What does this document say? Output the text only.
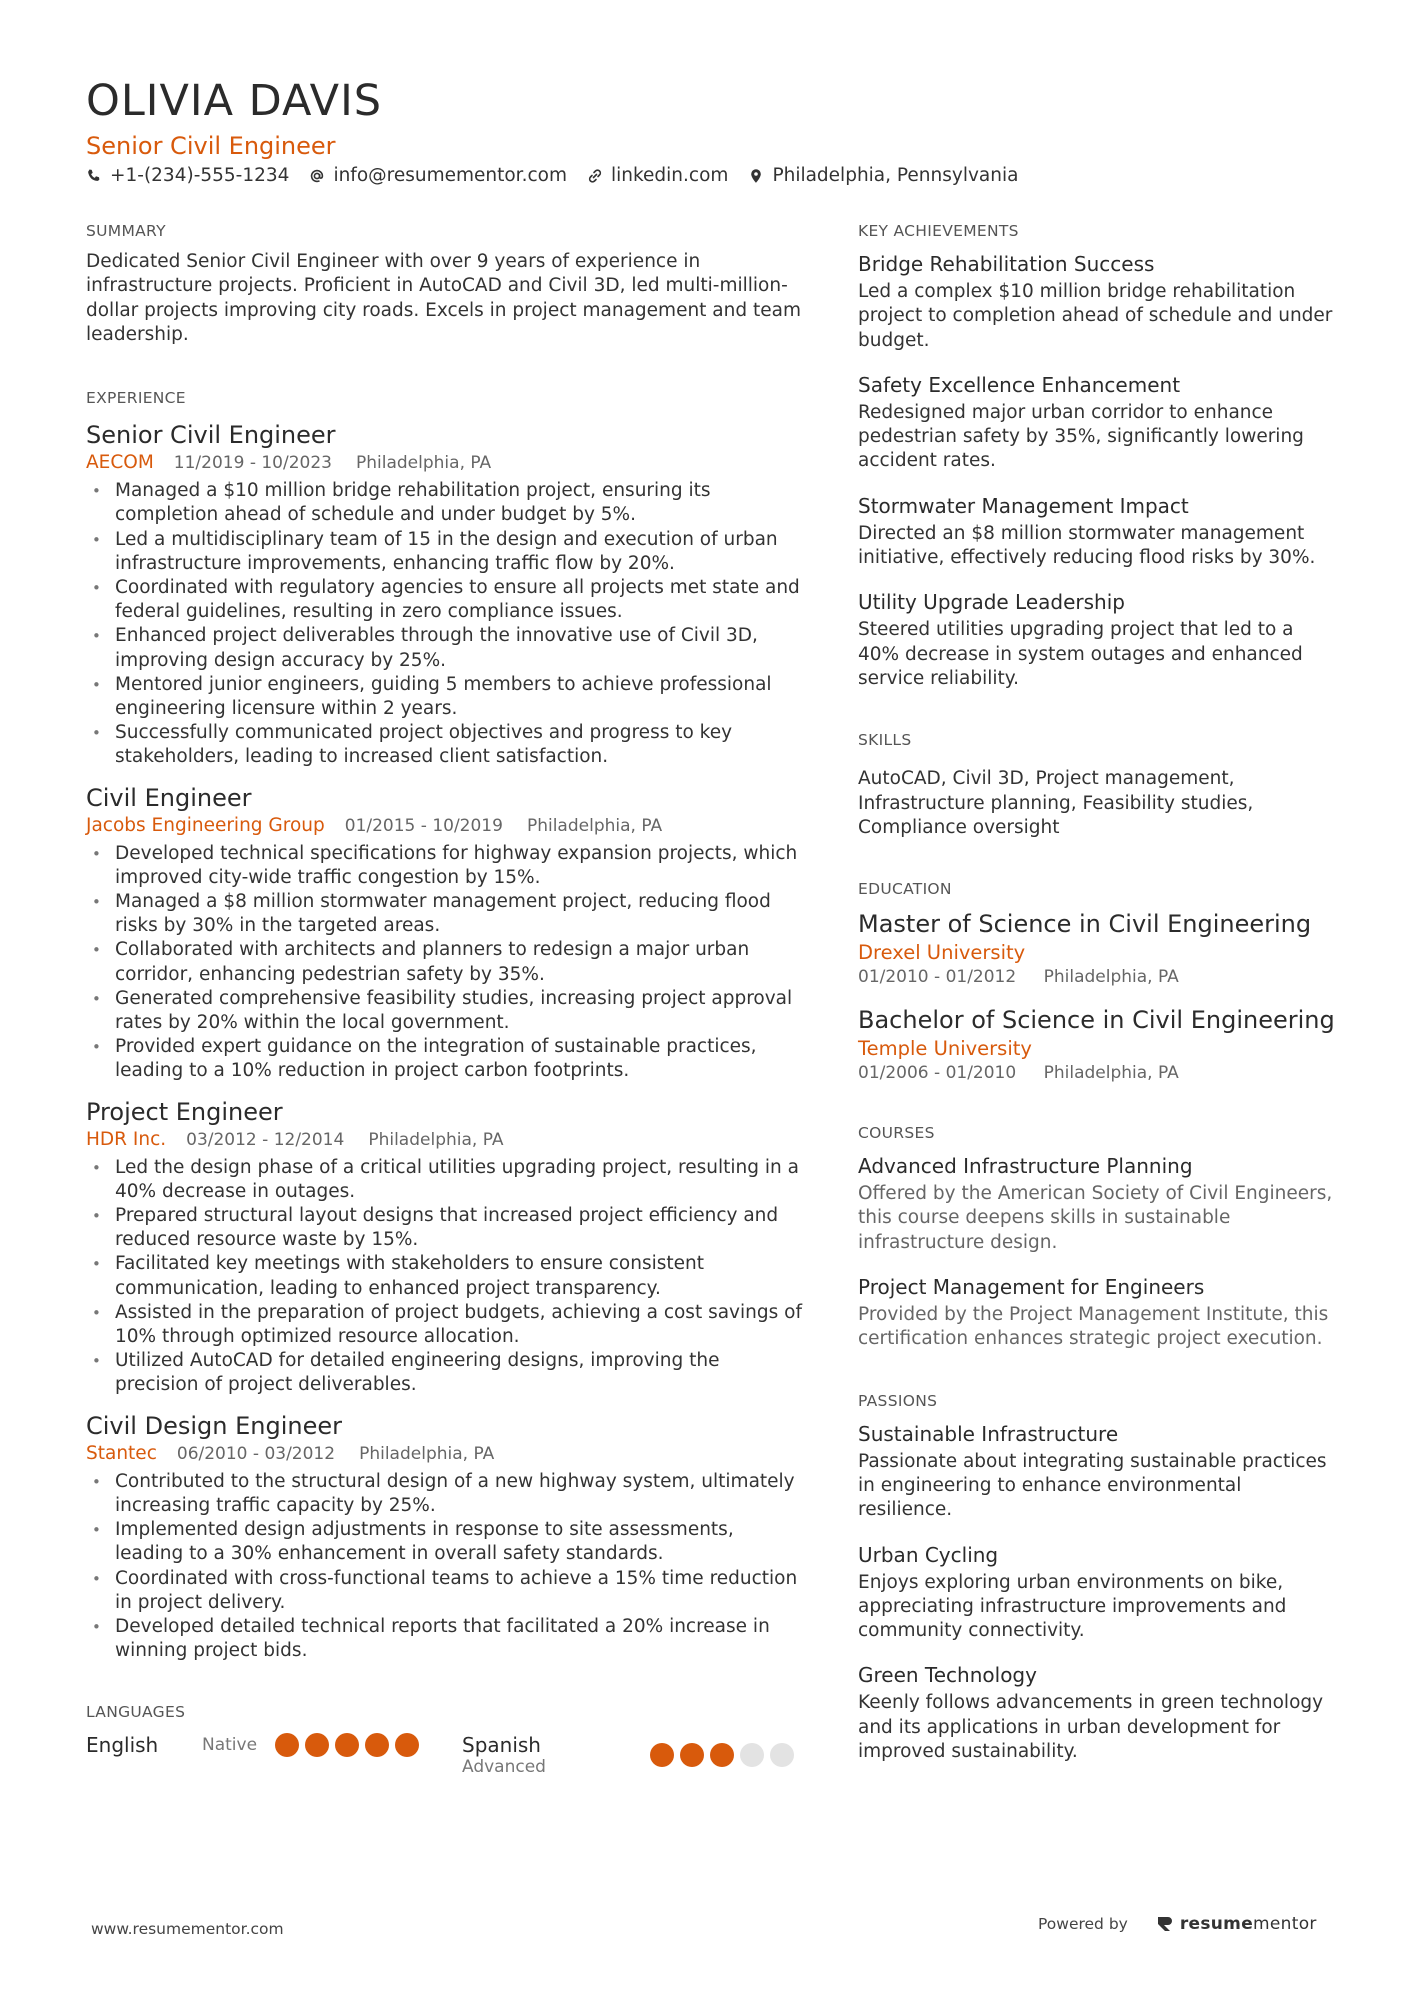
OLIVIA DAVIS
Senior Civil Engineer
+1-(234)-555-1234 info@resumementor.com linkedin.com Philadelphia, Pennsylvania
SUMMARY
Dedicated Senior Civil Engineer with over 9 years of experience in infrastructure projects. Proficient in AutoCAD and Civil 3D, led multi-million-dollar projects improving city roads. Excels in project management and team leadership.
EXPERIENCE
Senior Civil Engineer
AECOM 11/2019 - 10/2023 Philadelphia, PA
• Managed a $10 million bridge rehabilitation project, ensuring its completion ahead of schedule and under budget by 5%.
• Led a multidisciplinary team of 15 in the design and execution of urban infrastructure improvements, enhancing traffic flow by 20%.
• Coordinated with regulatory agencies to ensure all projects met state and federal guidelines, resulting in zero compliance issues.
• Enhanced project deliverables through the innovative use of Civil 3D, improving design accuracy by 25%.
• Mentored junior engineers, guiding 5 members to achieve professional engineering licensure within 2 years.
• Successfully communicated project objectives and progress to key stakeholders, leading to increased client satisfaction.
Civil Engineer
Jacobs Engineering Group 01/2015 - 10/2019 Philadelphia, PA
• Developed technical specifications for highway expansion projects, which improved city-wide traffic congestion by 15%.
• Managed a $8 million stormwater management project, reducing flood risks by 30% in the targeted areas.
• Collaborated with architects and planners to redesign a major urban corridor, enhancing pedestrian safety by 35%.
• Generated comprehensive feasibility studies, increasing project approval rates by 20% within the local government.
• Provided expert guidance on the integration of sustainable practices, leading to a 10% reduction in project carbon footprints.
Project Engineer
HDR Inc. 03/2012 - 12/2014 Philadelphia, PA
• Led the design phase of a critical utilities upgrading project, resulting in a 40% decrease in outages.
• Prepared structural layout designs that increased project efficiency and reduced resource waste by 15%.
• Facilitated key meetings with stakeholders to ensure consistent communication, leading to enhanced project transparency.
• Assisted in the preparation of project budgets, achieving a cost savings of 10% through optimized resource allocation.
• Utilized AutoCAD for detailed engineering designs, improving the precision of project deliverables.
Civil Design Engineer
Stantec 06/2010 - 03/2012 Philadelphia, PA
• Contributed to the structural design of a new highway system, ultimately increasing traffic capacity by 25%.
• Implemented design adjustments in response to site assessments, leading to a 30% enhancement in overall safety standards.
• Coordinated with cross-functional teams to achieve a 15% time reduction in project delivery.
• Developed detailed technical reports that facilitated a 20% increase in winning project bids.
LANGUAGES
English	Native	Spanish
Advanced
KEY ACHIEVEMENTS
Bridge Rehabilitation Success
Led a complex $10 million bridge rehabilitation project to completion ahead of schedule and under budget.
Safety Excellence Enhancement
Redesigned major urban corridor to enhance pedestrian safety by 35%, significantly lowering accident rates.
Stormwater Management Impact
Directed an $8 million stormwater management initiative, effectively reducing flood risks by 30%.
Utility Upgrade Leadership
Steered utilities upgrading project that led to a 40% decrease in system outages and enhanced service reliability.
SKILLS
AutoCAD, Civil 3D, Project management, Infrastructure planning, Feasibility studies, Compliance oversight
EDUCATION
Master of Science in Civil Engineering
Drexel University
01/2010 - 01/2012 Philadelphia, PA
Bachelor of Science in Civil Engineering
Temple University
01/2006 - 01/2010 Philadelphia, PA
COURSES
Advanced Infrastructure Planning
Offered by the American Society of Civil Engineers, this course deepens skills in sustainable infrastructure design.
Project Management for Engineers
Provided by the Project Management Institute, this certification enhances strategic project execution.
PASSIONS
Sustainable Infrastructure
Passionate about integrating sustainable practices in engineering to enhance environmental resilience.
Urban Cycling
Enjoys exploring urban environments on bike, appreciating infrastructure improvements and community connectivity.
Green Technology
Keenly follows advancements in green technology and its applications in urban development for improved sustainability.
www.resumementor.com	Powered by	resume mentor
